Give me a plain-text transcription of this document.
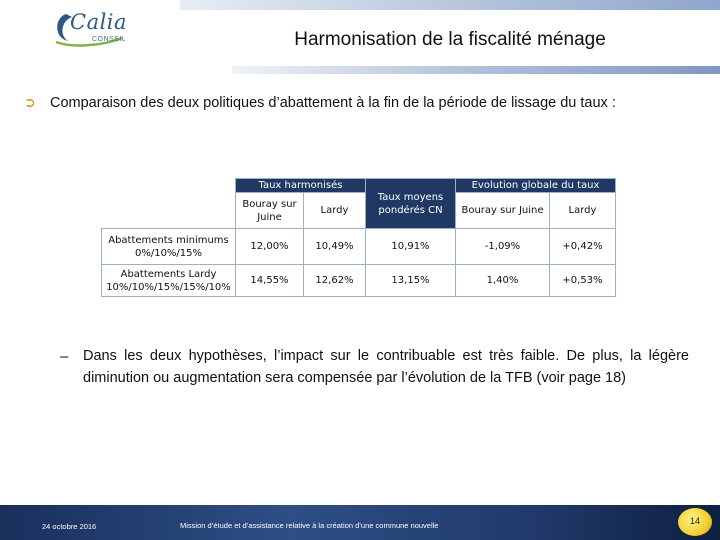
Calia
CONSEIL	Harmonisation de la fiscalité ménage
➲ Comparaison des deux politiques d’abattement à la fin de la période de lissage du taux :
	Taux harmonisés		Taux moyens pondérés CN	Evolution globale du taux	
	Bouray sur Juine	Lardy		Bouray sur Juine	Lardy
Abattements minimums 0%/10%/15%	12,00%	10,49%	10,91%	-1,09%	+0,42%
Abattements Lardy 10%/10%/15%/15%/10%	14,55%	12,62%	13,15%	1,40%	+0,53%
– Dans les deux hypothèses, l’impact sur le contribuable est très faible. De plus, la légère diminution ou augmentation sera compensée par l’évolution de la TFB (voir page 18)
24 octobre 2016	Mission d’étude et d’assistance relative à la création d’une commune nouvelle	14
